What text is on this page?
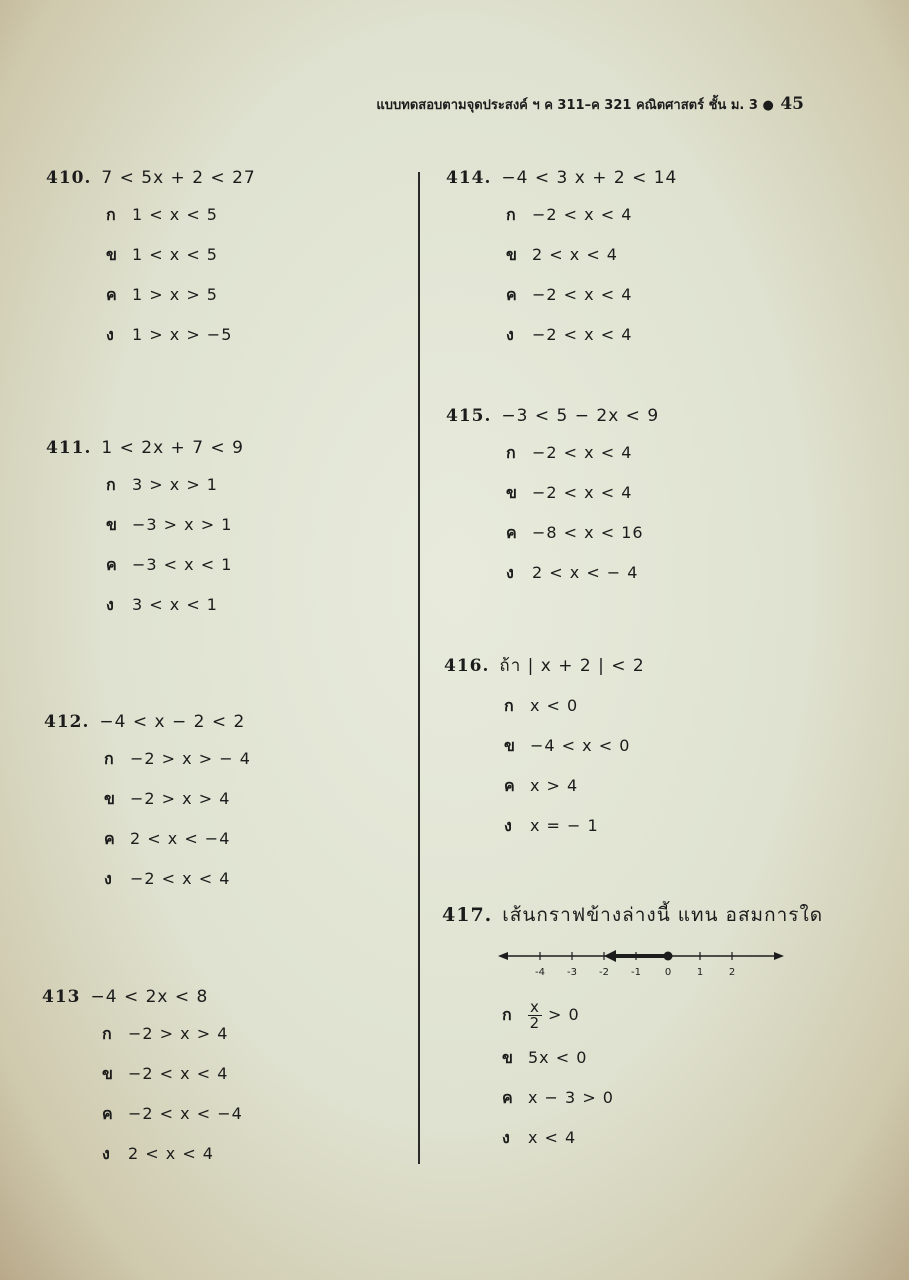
แบบทดสอบตามจุดประสงค์ ฯ ค 311–ค 321 คณิตศาสตร์ ชั้น ม. 3 ● 45
410. 7 < 5x + 2 < 27
ก 1 < x < 5
ข 1 < x < 5
ค 1 > x > 5
ง 1 > x > −5
411. 1 < 2x + 7 < 9
ก 3 > x > 1
ข −3 > x > 1
ค −3 < x < 1
ง 3 < x < 1
412. −4 < x − 2 < 2
ก −2 > x > − 4
ข −2 > x > 4
ค 2 < x < −4
ง −2 < x < 4
413 −4 < 2x < 8
ก −2 > x > 4
ข −2 < x < 4
ค −2 < x < −4
ง 2 < x < 4
414. −4 < 3 x + 2 < 14
ก −2 < x < 4
ข 2 < x < 4
ค −2 < x < 4
ง −2 < x < 4
415. −3 < 5 − 2x < 9
ก −2 < x < 4
ข −2 < x < 4
ค −8 < x < 16
ง 2 < x < − 4
416. ถ้า | x + 2 | < 2
ก x < 0
ข −4 < x < 0
ค x > 4
ง x = − 1
417. เส้นกราฟข้างล่างนี้ แทน อสมการใด
-4 -3 -2 -1 0	1	2
ก $\frac{x}{2} > 0$
ข 5x < 0
ค x − 3 > 0
ง x < 4
